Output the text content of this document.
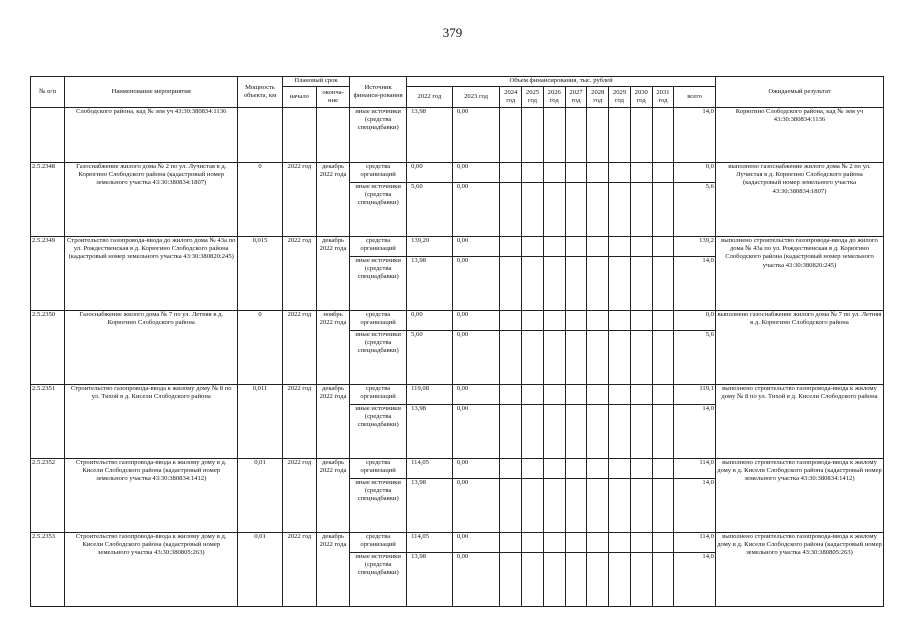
379
№ п/п	Наименование мероприятия	Мощность объекта, км	Плановый срок		Источник финанси-рования	Объем финансирования, тыс. рублей											Ожидаемый результат
			начало	оконча-ние		2022 год	2023 год	2024 год	2025 год	2026 год	2027 год	2028 год	2029 год	2030 год	2031 год	всего	
	Слободского района, кад № зем уч 43:30:380834:1136				иные источники (средства спецнадбавки)	13,98	0,00									14,0	Корюгино Слободского района, кад № зем уч 43:30:380834:1136
2.5.2348	Газоснабжение жилого дома № 2 по ул. Лучистая в д. Корюгино Слободского района (кадастровый номер земельного участка 43:30:380834:1807)	0	2022 год	декабрь 2022 года	средства организаций	0,00	0,00									0,0	выполнено газоснабжение жилого дома № 2 по ул. Лучистая в д. Корюгино Слободского района (кадастровый номер земельного участка 43:30:380834:1807)
					иные источники (средства спецнадбавки)	5,60	0,00									5,6	
2.5.2349	Строительство газопровода-ввода до жилого дома № 43а по ул. Рождественская в д. Корюгино Слободского района (кадастровый номер земельного участка 43:30:380820:245)	0,015	2022 год	декабрь 2022 года	средства организаций	139,20	0,00									139,2	выполнено строительство газопровода-ввода до жилого дома № 43а по ул. Рождественская в д. Корюгино Слободского района (кадастровый номер земельного участка 43:30:380820:245)
					иные источники (средства спецнадбавки)	13,98	0,00									14,0	
2.5.2350	Газоснабжение жилого дома № 7 по ул. Летняя в д. Корюгино Слободского района	0	2022 год	ноябрь 2022 года	средства организаций	0,00	0,00									0,0	выполнено газоснабжение жилого дома № 7 по ул. Летняя в д. Корюгино Слободского района
					иные источники (средства спецнадбавки)	5,60	0,00									5,6	
2.5.2351	Строительство газопровода-ввода к жилому дому № 8 по ул. Тихой в д. Кисели Слободского района	0,011	2022 год	декабрь 2022 года	средства организаций	119,08	0,00									119,1	выполнено строительство газопровода-ввода к жилому дому № 8 по ул. Тихой в д. Кисели Слободского района
					иные источники (средства спецнадбавки)	13,98	0,00									14,0	
2.5.2352	Строительство газопровода-ввода к жилому дому в д. Кисели Слободского района (кадастровый номер земельного участка 43:30:380834:1412)	0,01	2022 год	декабрь 2022 года	средства организаций	114,05	0,00									114,0	выполнено строительство газопровода-ввода к жилому дому в д. Кисели Слободского района (кадастровый номер земельного участка 43:30:380834:1412)
					иные источники (средства спецнадбавки)	13,98	0,00									14,0	
2.5.2353	Строительство газопровода-ввода к жилому дому в д. Кисели Слободского района (кадастровый номер земельного участка 43:30:380805:263)	0,01	2022 год	декабрь 2022 года	средства организаций	114,05	0,00									114,0	выполнено строительство газопровода-ввода к жилому дому в д. Кисели Слободского района (кадастровый номер земельного участка 43:30:380805:263)
					иные источники (средства спецнадбавки)	13,98	0,00									14,0	
